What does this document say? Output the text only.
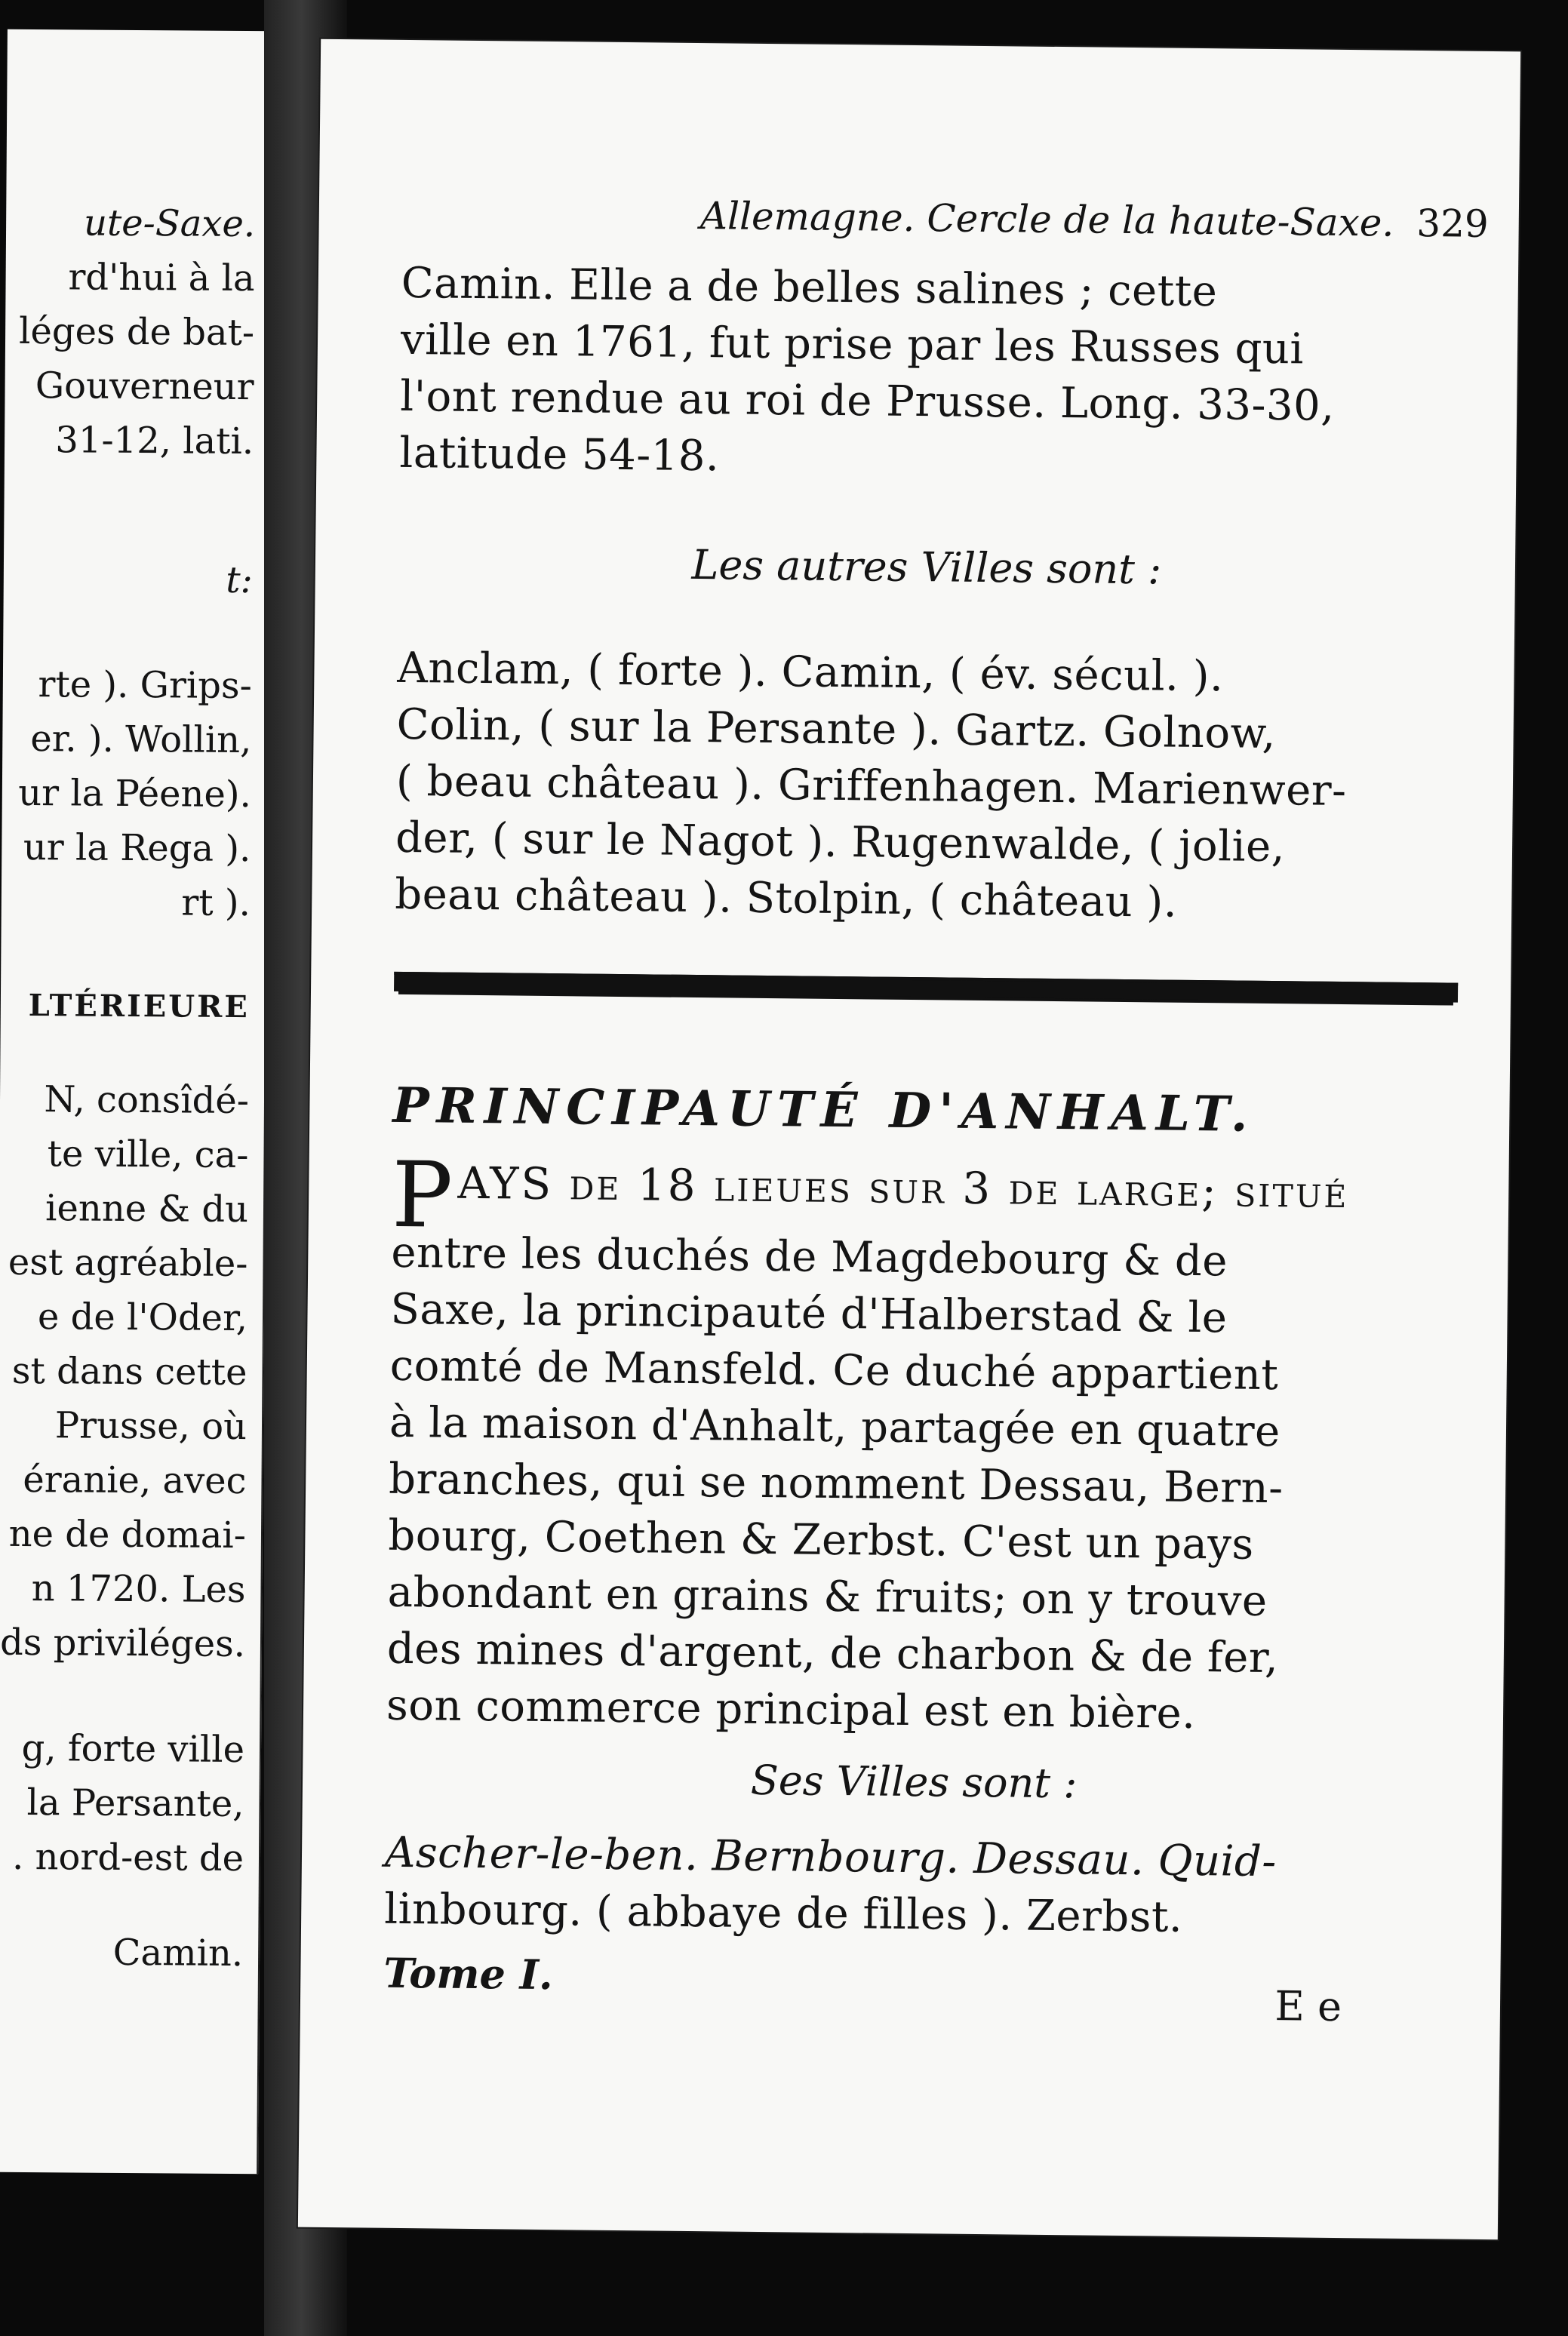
ute-Saxe.
rd'hui à la
léges de bat-
Gouverneur
31-12, lati.
t:
rte ). Grips-
er. ). Wollin,
ur la Péene).
ur la Rega ).
rt ).
LTÉRIEURE
N, consîdé-
te ville, ca-
ienne & du
est agréable-
e de l'Oder,
st dans cette
Prusse, où
éranie, avec
ne de domai-
n 1720. Les
ds priviléges.
g, forte ville
la Persante,
. nord-est de
Camin.
Allemagne. Cercle de la haute-Saxe. 329
Camin. Elle a de belles salines ; cette
ville en 1761, fut prise par les Russes qui
l'ont rendue au roi de Prusse. Long. 33-30,
latitude 54-18.
Les autres Villes sont :
Anclam, ( forte ). Camin, ( év. sécul. ).
Colin, ( sur la Persante ). Gartz. Golnow,
( beau château ). Griffenhagen. Marienwer-
der, ( sur le Nagot ). Rugenwalde, ( jolie,
beau château ). Stolpin, ( château ).
PRINCIPAUTÉ D'ANHALT.
PAYS de 18 lieues sur 3 de large; situé
entre les duchés de Magdebourg & de
Saxe, la principauté d'Halberstad & le
comté de Mansfeld. Ce duché appartient
à la maison d'Anhalt, partagée en quatre
branches, qui se nomment Dessau, Bern-
bourg, Coethen & Zerbst. C'est un pays
abondant en grains & fruits; on y trouve
des mines d'argent, de charbon & de fer,
son commerce principal est en bière.
Ses Villes sont :
Ascher-le-ben. Bernbourg. Dessau. Quid-
linbourg. ( abbaye de filles ). Zerbst.
Tome I.
E e
